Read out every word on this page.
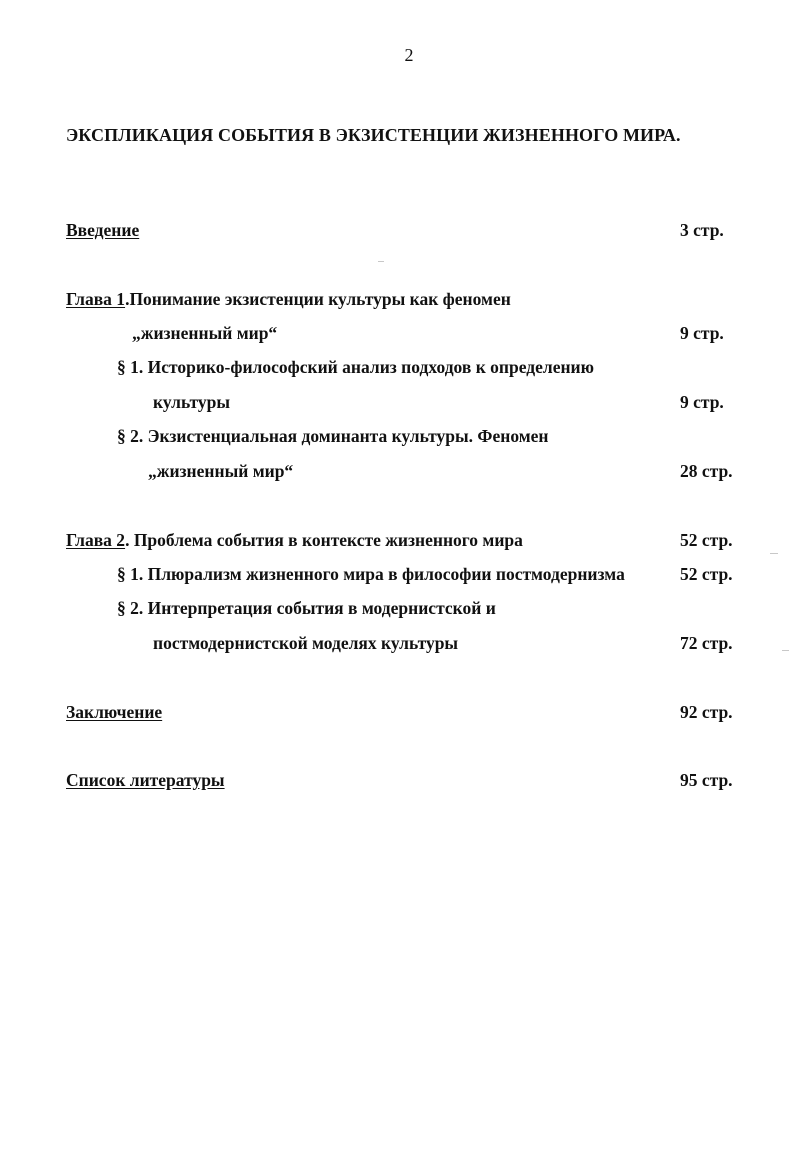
2
ЭКСПЛИКАЦИЯ СОБЫТИЯ В ЭКЗИСТЕНЦИИ ЖИЗНЕННОГО МИРА.
Введение	3 стр.
Глава 1.Понимание экзистенции культуры как феномен
„жизненный мир“	9 стр.
§ 1. Историко-философский анализ подходов к определению
культуры	9 стр.
§ 2. Экзистенциальная доминанта культуры. Феномен
„жизненный мир“	28 стр.
Глава 2. Проблема события в контексте жизненного мира	52 стр.
§ 1. Плюрализм жизненного мира в философии постмодернизма	52 стр.
§ 2. Интерпретация события в модернистской и
постмодернистской моделях культуры	72 стр.
Заключение	92 стр.
Список литературы	95 стр.
